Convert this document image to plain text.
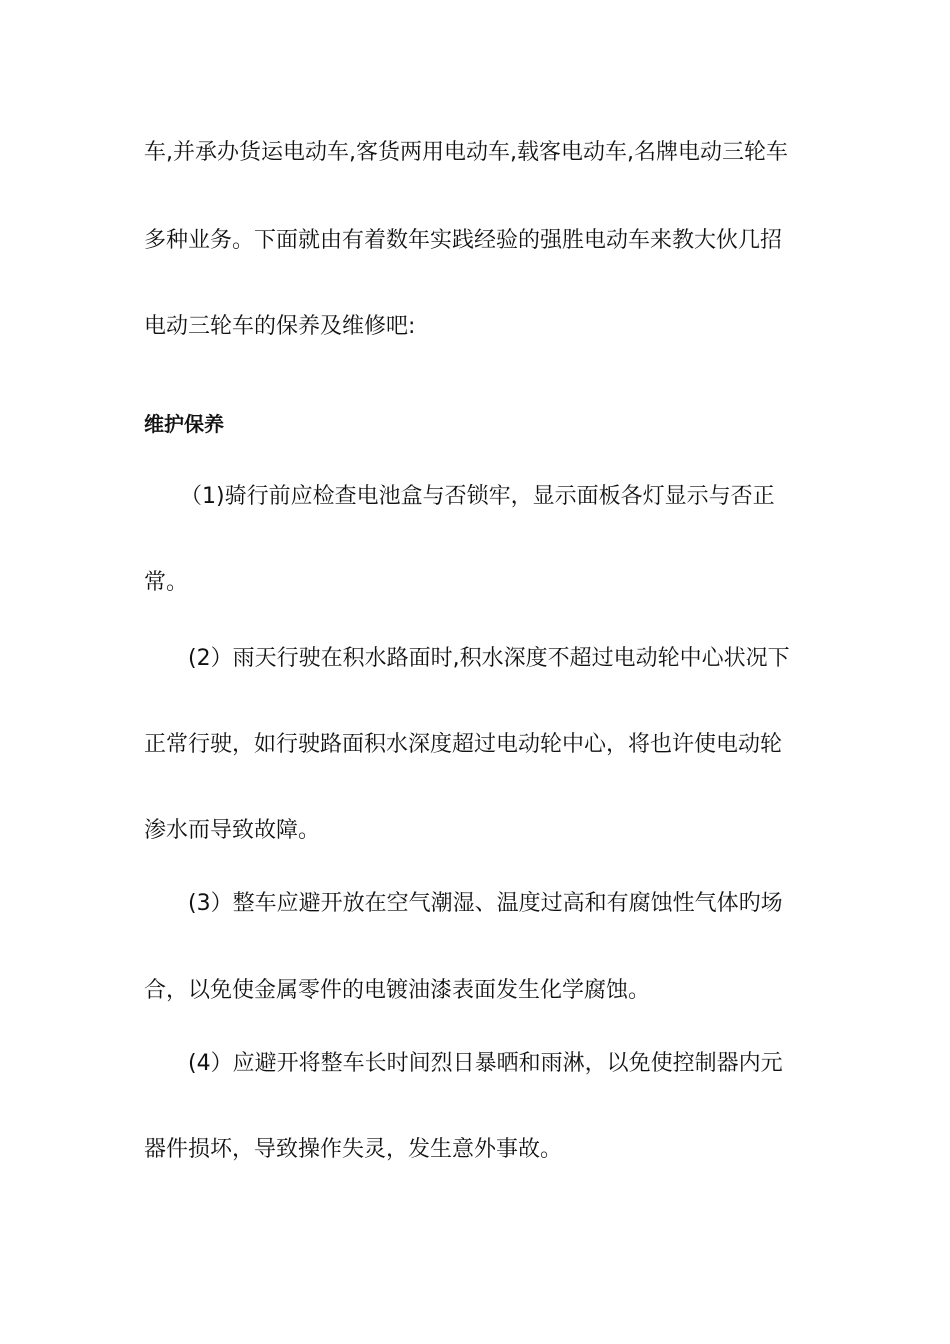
车,并承办货运电动车,客货两用电动车,载客电动车,名牌电动三轮车
多种业务。下面就由有着数年实践经验的强胜电动车来教大伙几招
电动三轮车的保养及维修吧:
维护保养
（1)骑行前应检查电池盒与否锁牢，显示面板各灯显示与否正
常。
(2）雨天行驶在积水路面时,积水深度不超过电动轮中心状况下
正常行驶，如行驶路面积水深度超过电动轮中心，将也许使电动轮
渗水而导致故障。
(3）整车应避开放在空气潮湿、温度过高和有腐蚀性气体旳场
合，以免使金属零件的电镀油漆表面发生化学腐蚀。
(4）应避开将整车长时间烈日暴晒和雨淋，以免使控制器内元
器件损坏，导致操作失灵，发生意外事故。
